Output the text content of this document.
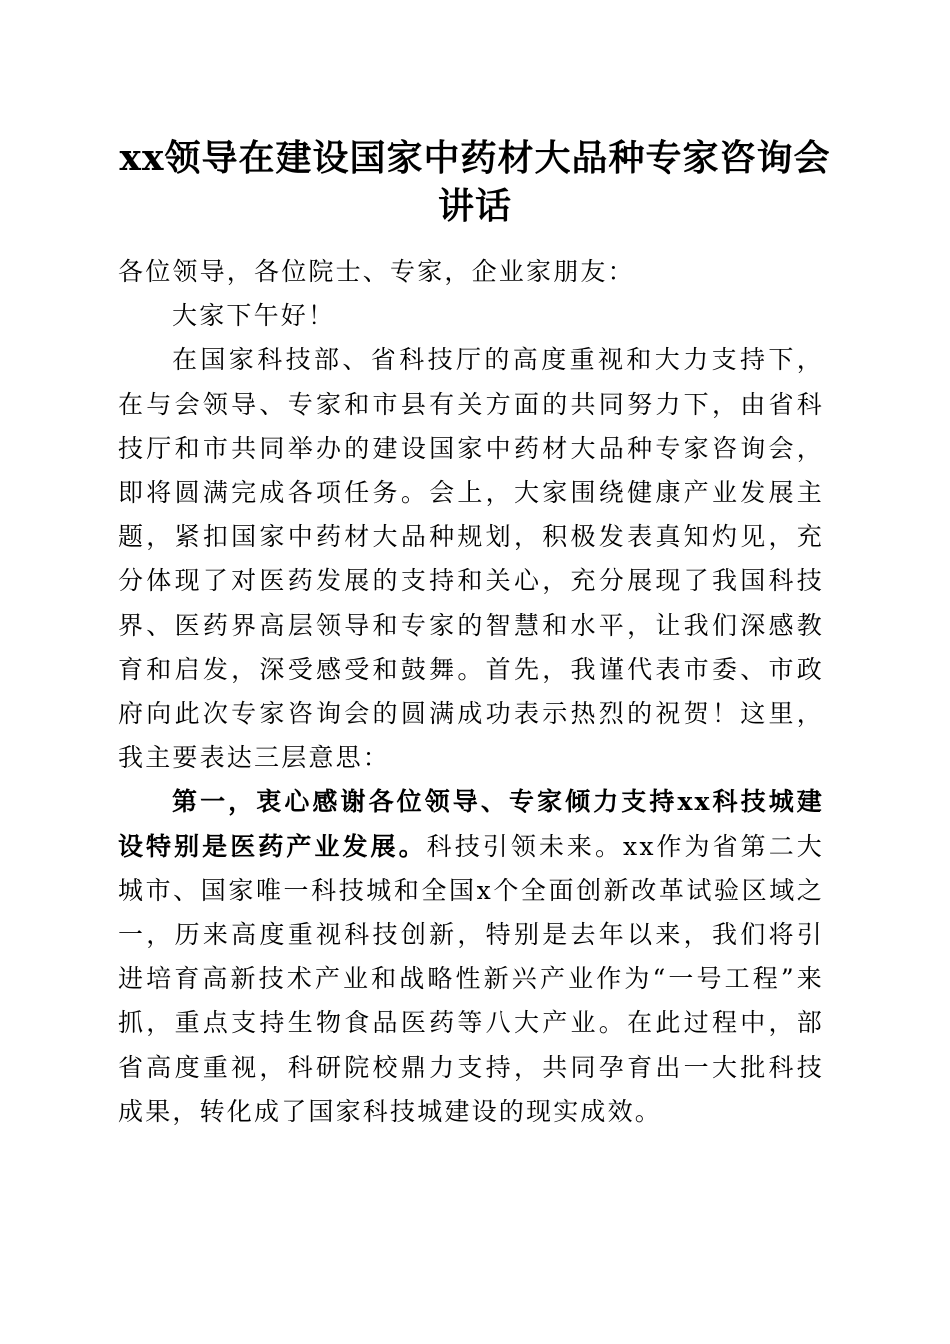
xx领导在建设国家中药材大品种专家咨询会
讲话

各位领导，各位院士、专家，企业家朋友：

大家下午好！

在国家科技部、省科技厅的高度重视和大力支持下，在与会领导、专家和市县有关方面的共同努力下，由省科技厅和市共同举办的建设国家中药材大品种专家咨询会，即将圆满完成各项任务。会上，大家围绕健康产业发展主题，紧扣国家中药材大品种规划，积极发表真知灼见，充分体现了对医药发展的支持和关心，充分展现了我国科技界、医药界高层领导和专家的智慧和水平，让我们深感教育和启发，深受感受和鼓舞。首先，我谨代表市委、市政府向此次专家咨询会的圆满成功表示热烈的祝贺！这里，我主要表达三层意思：

第一，衷心感谢各位领导、专家倾力支持xx科技城建设特别是医药产业发展。科技引领未来。xx作为省第二大城市、国家唯一科技城和全国x个全面创新改革试验区域之一，历来高度重视科技创新，特别是去年以来，我们将引进培育高新技术产业和战略性新兴产业作为“一号工程”来抓，重点支持生物食品医药等八大产业。在此过程中，部省高度重视，科研院校鼎力支持，共同孕育出一大批科技成果，转化成了国家科技城建设的现实成效。
